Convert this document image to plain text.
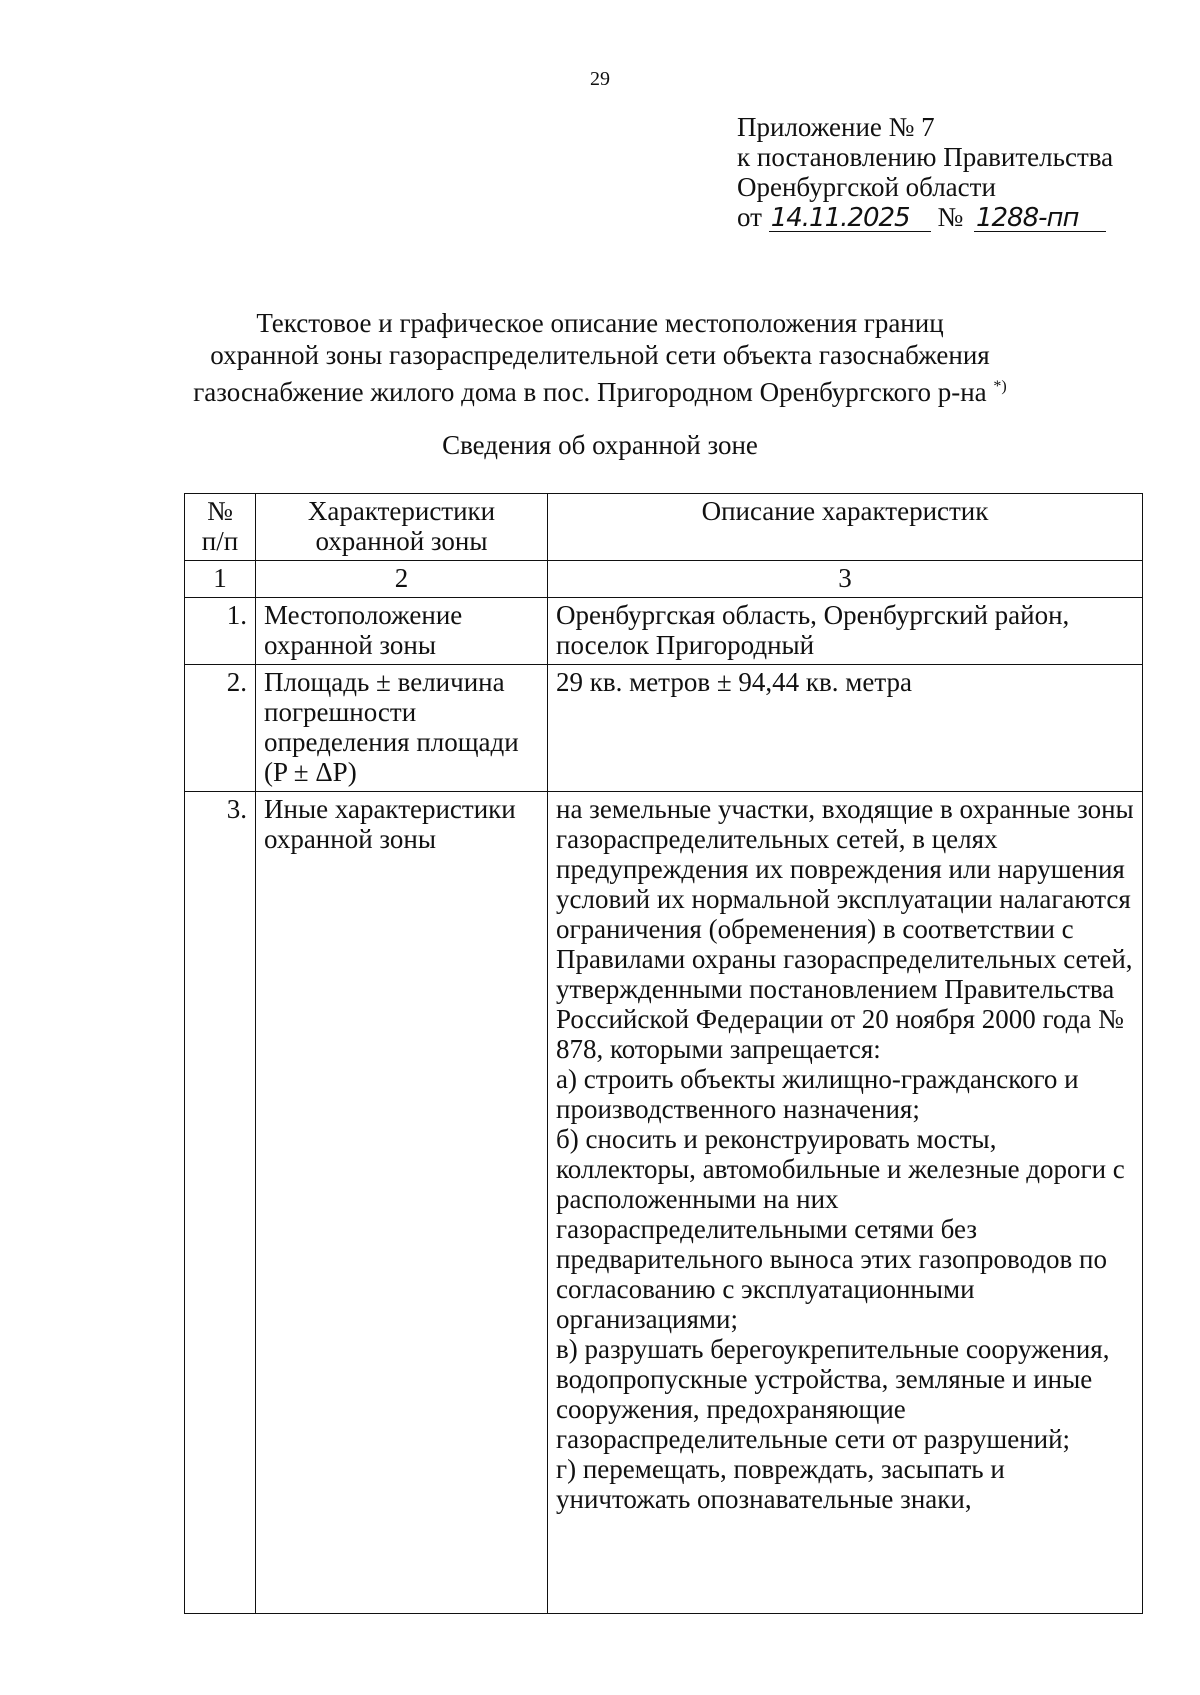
29
Приложение № 7
к постановлению Правительства
Оренбургской области
от 14.11.2025 № 1288-пп
Текстовое и графическое описание местоположения границ
охранной зоны газораспределительной сети объекта газоснабжения
газоснабжение жилого дома в пос. Пригородном Оренбургского р-на *)
Сведения об охранной зоне
№ п/п	Характеристики охранной зоны	Описание характеристик
1	2	3
1.	Местоположение охранной зоны	Оренбургская область, Оренбургский район, поселок Пригородный
2.	Площадь ± величина погрешности определения площади (P ± ΔP)	29 кв. метров ± 94,44 кв. метра
3.	Иные характеристики охранной зоны	на земельные участки, входящие в охранные зоны газораспределительных сетей, в целях предупреждения их повреждения или нарушения условий их нормальной эксплуатации налагаются ограничения (обременения) в соответствии с Правилами охраны газораспределительных сетей, утвержденными постановлением Правительства Российской Федерации от 20 ноября 2000 года № 878, которыми запрещается:
а) строить объекты жилищно-гражданского и производственного назначения;
б) сносить и реконструировать мосты, коллекторы, автомобильные и железные дороги с расположенными на них газораспределительными сетями без предварительного выноса этих газопроводов по согласованию с эксплуатационными организациями;
в) разрушать берегоукрепительные сооружения, водопропускные устройства, земляные и иные сооружения, предохраняющие газораспределительные сети от разрушений;
г) перемещать, повреждать, засыпать и уничтожать опознавательные знаки,
